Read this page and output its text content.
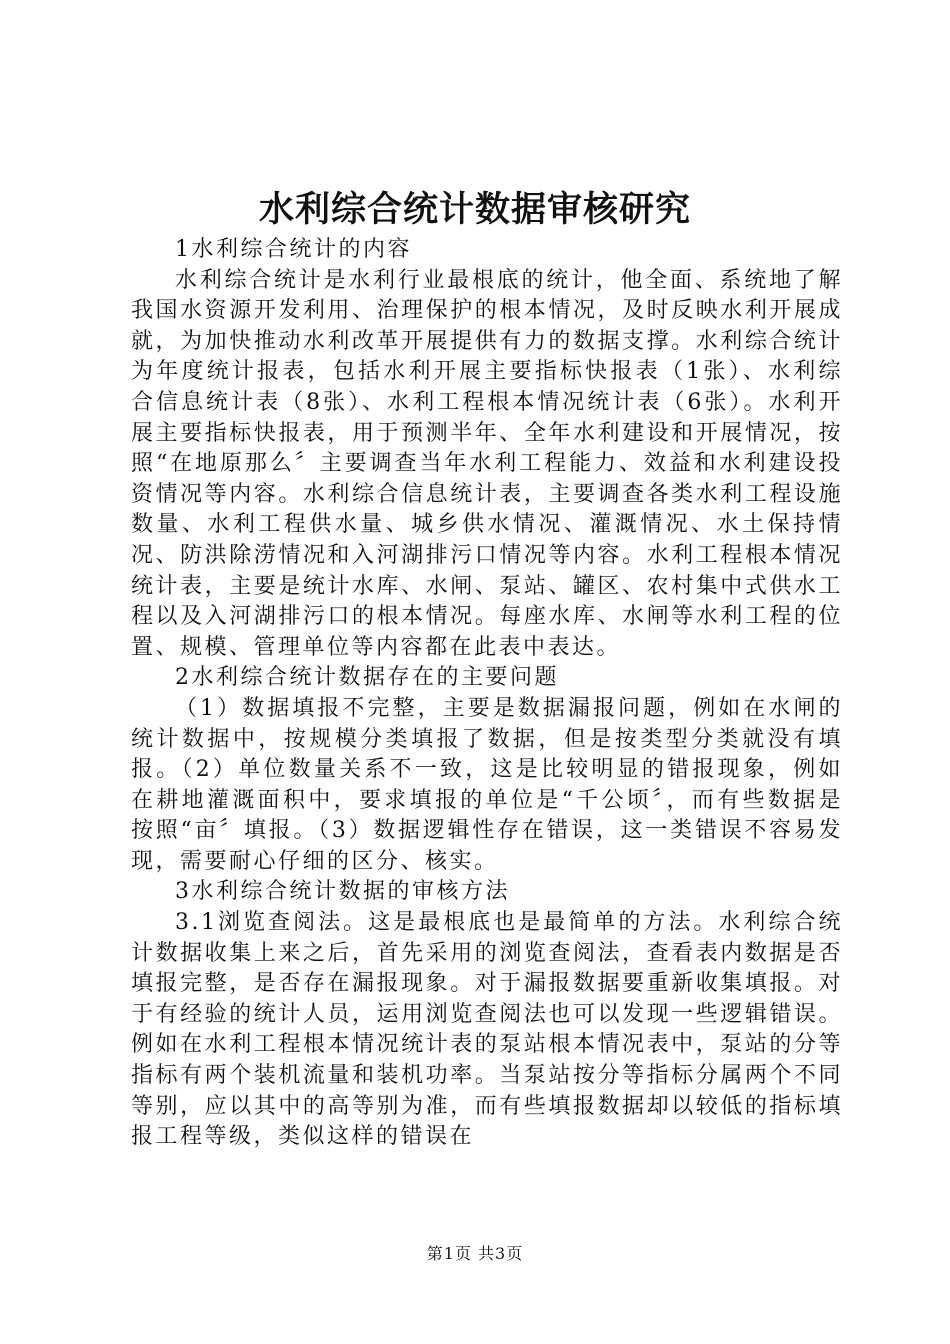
水利综合统计数据审核研究

1水利综合统计的内容

水利综合统计是水利行业最根底的统计，他全面、系统地了解我国水资源开发利用、治理保护的根本情况，及时反映水利开展成就，为加快推动水利改革开展提供有力的数据支撑。水利综合统计为年度统计报表，包括水利开展主要指标快报表（1张）、水利综合信息统计表（8张）、水利工程根本情况统计表（6张）。水利开展主要指标快报表，用于预测半年、全年水利建设和开展情况，按照“在地原那么〞主要调查当年水利工程能力、效益和水利建设投资情况等内容。水利综合信息统计表，主要调查各类水利工程设施数量、水利工程供水量、城乡供水情况、灌溉情况、水土保持情况、防洪除涝情况和入河湖排污口情况等内容。水利工程根本情况统计表，主要是统计水库、水闸、泵站、罐区、农村集中式供水工程以及入河湖排污口的根本情况。每座水库、水闸等水利工程的位置、规模、管理单位等内容都在此表中表达。

2水利综合统计数据存在的主要问题

（1）数据填报不完整，主要是数据漏报问题，例如在水闸的统计数据中，按规模分类填报了数据，但是按类型分类就没有填报。（2）单位数量关系不一致，这是比较明显的错报现象，例如在耕地灌溉面积中，要求填报的单位是“千公顷〞，而有些数据是按照“亩〞填报。（3）数据逻辑性存在错误，这一类错误不容易发现，需要耐心仔细的区分、核实。

3水利综合统计数据的审核方法

3.1浏览查阅法。这是最根底也是最简单的方法。水利综合统计数据收集上来之后，首先采用的浏览查阅法，查看表内数据是否填报完整，是否存在漏报现象。对于漏报数据要重新收集填报。对于有经验的统计人员，运用浏览查阅法也可以发现一些逻辑错误。例如在水利工程根本情况统计表的泵站根本情况表中，泵站的分等指标有两个装机流量和装机功率。当泵站按分等指标分属两个不同等别，应以其中的高等别为准，而有些填报数据却以较低的指标填报工程等级，类似这样的错误在

第1页 共3页
